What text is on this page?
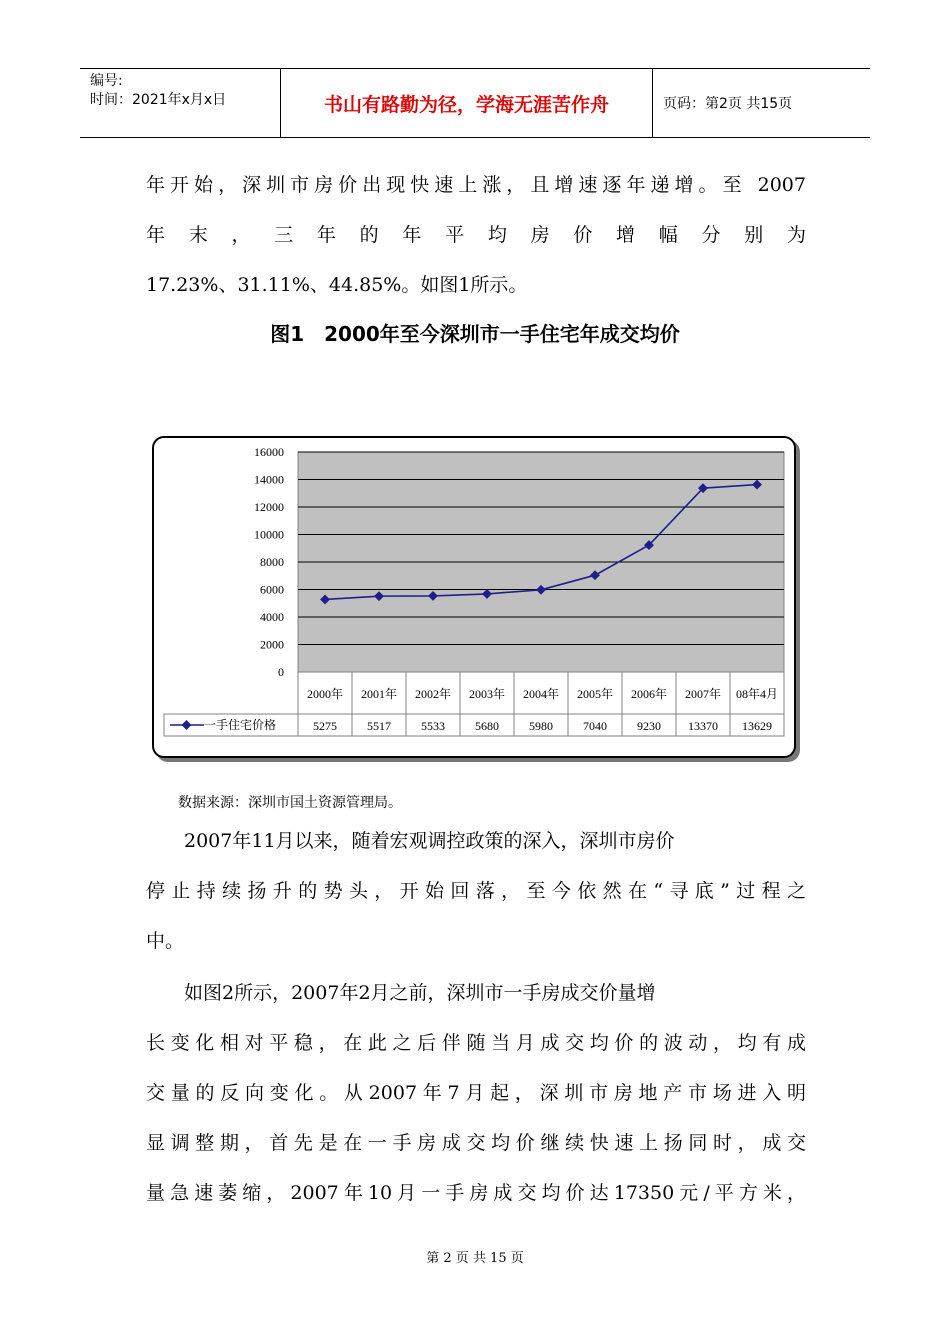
编号:
时间：2021年x月x日	书山有路勤为径，学海无涯苦作舟	页码：第2页 共15页

年开始，深圳市房价出现快速上涨，且增速逐年递增。至 2007

年末，三年的年平均房价增幅分别为

17.23%、31.11%、44.85%。如图1所示。

图1　2000年至今深圳市一手住宅年成交均价
0
2000
4000
6000
8000
10000
12000
14000
16000
2000年
5275
2001年
5517
2002年
5533
2003年
5680
2004年
5980
2005年
7040
2006年
9230
2007年
13370
08年4月
13629
一手住宅价格
数据来源：深圳市国土资源管理局。

2007年11月以来，随着宏观调控政策的深入，深圳市房价

停止持续扬升的势头，开始回落，至今依然在“寻底”过程之

中。

如图2所示，2007年2月之前，深圳市一手房成交价量增

长变化相对平稳，在此之后伴随当月成交均价的波动，均有成

交量的反向变化。从2007年7月起，深圳市房地产市场进入明

显调整期，首先是在一手房成交均价继续快速上扬同时，成交

量急速萎缩，2007年10月一手房成交均价达17350元/平方米，

第 2 页 共 15 页
